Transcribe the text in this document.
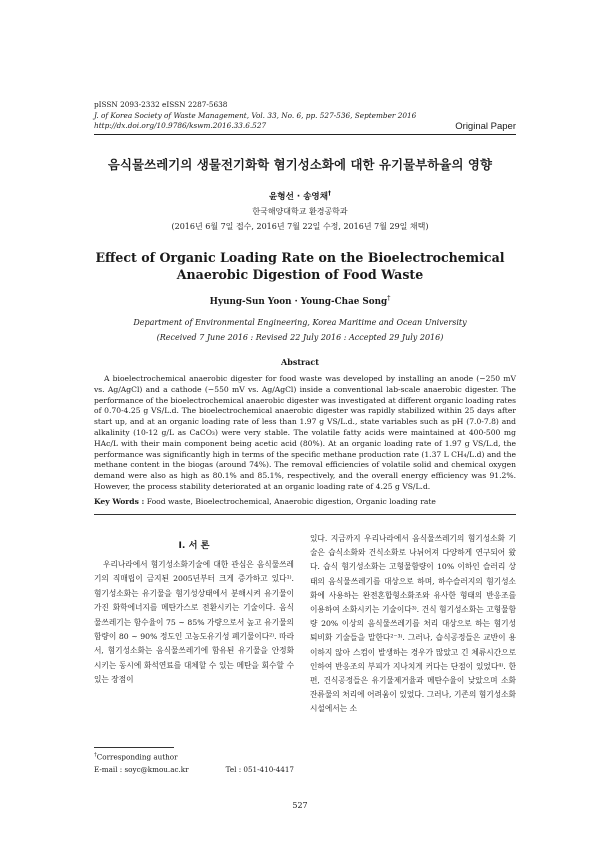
pISSN 2093-2332 eISSN 2287-5638
J. of Korea Society of Waste Management, Vol. 33, No. 6, pp. 527-536, September 2016
http://dx.doi.org/10.9786/kswm.2016.33.6.527	Original Paper
음식물쓰레기의 생물전기화학 혐기성소화에 대한 유기물부하율의 영향
윤형선 · 송영채†
한국해양대학교 환경공학과
(2016년 6월 7일 접수, 2016년 7월 22일 수정, 2016년 7월 29일 채택)
Effect of Organic Loading Rate on the Bioelectrochemical
Anaerobic Digestion of Food Waste
Hyung-Sun Yoon · Young-Chae Song†
Department of Environmental Engineering, Korea Maritime and Ocean University
(Received 7 June 2016 : Revised 22 July 2016 : Accepted 29 July 2016)
Abstract

A bioelectrochemical anaerobic digester for food waste was developed by installing an anode (−250 mV vs. Ag/AgCl) and a cathode (−550 mV vs. Ag/AgCl) inside a conventional lab-scale anaerobic digester. The performance of the bioelectrochemical anaerobic digester was investigated at different organic loading rates of 0.70-4.25 g VS/L.d. The bioelectrochemical anaerobic digester was rapidly stabilized within 25 days after start up, and at an organic loading rate of less than 1.97 g VS/L.d., state variables such as pH (7.0-7.8) and alkalinity (10-12 g/L as CaCO₃) were very stable. The volatile fatty acids were maintained at 400-500 mg HAc/L with their main component being acetic acid (80%). At an organic loading rate of 1.97 g VS/L.d, the performance was significantly high in terms of the specific methane production rate (1.37 L CH₄/L.d) and the methane content in the biogas (around 74%). The removal efficiencies of volatile solid and chemical oxygen demand were also as high as 80.1% and 85.1%, respectively, and the overall energy efficiency was 91.2%. However, the process stability deteriorated at an organic loading rate of 4.25 g VS/L.d.

Key Words : Food waste, Bioelectrochemical, Anaerobic digestion, Organic loading rate
I. 서 론

우리나라에서 혐기성소화기술에 대한 관심은 음식물쓰레기의 직매립이 금지된 2005년부터 크게 증가하고 있다¹⁾. 혐기성소화는 유기물을 혐기성상태에서 분해시켜 유기물이 가진 화학에너지를 메탄가스로 전환시키는 기술이다. 음식물쓰레기는 함수율이 75 ~ 85% 가량으로서 높고 유기물의 함량이 80 ~ 90% 정도인 고농도유기성 폐기물이다²⁾. 따라서, 혐기성소화는 음식물쓰레기에 함유된 유기물을 안정화시키는 동시에 화석연료를 대체할 수 있는 메탄을 회수할 수 있는 장점이

있다. 지금까지 우리나라에서 음식물쓰레기의 혐기성소화 기술은 습식소화와 건식소화로 나뉘어져 다양하게 연구되어 왔다. 습식 혐기성소화는 고형물함량이 10% 이하인 슬러리 상태의 음식물쓰레기를 대상으로 하며, 하수슬러지의 혐기성소화에 사용하는 완전혼합형소화조와 유사한 형태의 반응조를 이용하여 소화시키는 기술이다³⁾. 건식 혐기성소화는 고형물함량 20% 이상의 음식물쓰레기를 처리 대상으로 하는 혐기성 퇴비화 기술들을 말한다²⁻³⁾. 그러나, 습식공정들은 교반이 용이하지 않아 스컴이 발생하는 경우가 많았고 긴 체류시간으로 인하여 반응조의 부피가 지나치게 커다는 단점이 있었다⁴⁾. 한편, 건식공정들은 유기물제거율과 메탄수율이 낮았으며 소화 잔류물의 처리에 어려움이 있었다. 그러나, 기존의 혐기성소화 시설에서는 소

†Corresponding author
E-mail : soyc@kmou.ac.kr	Tel : 051-410-4417
527
